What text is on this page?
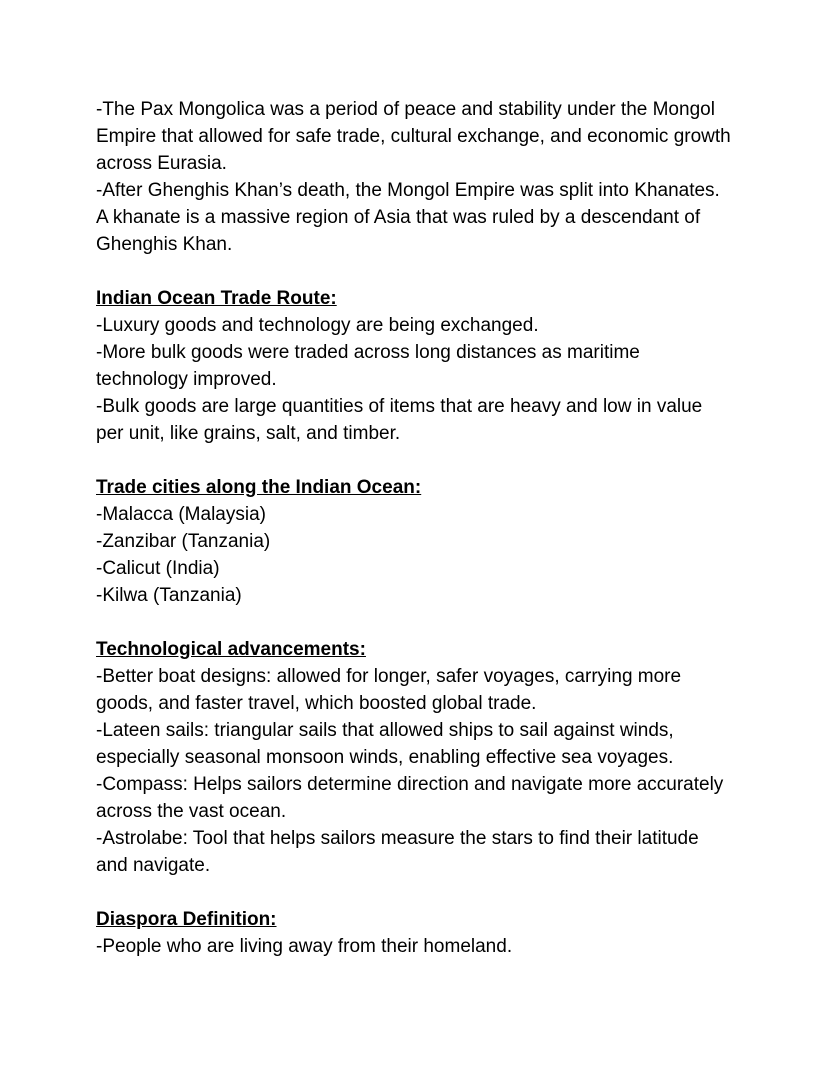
-The Pax Mongolica was a period of peace and stability under the Mongol Empire that allowed for safe trade, cultural exchange, and economic growth across Eurasia.

-After Ghenghis Khan’s death, the Mongol Empire was split into Khanates. A khanate is a massive region of Asia that was ruled by a descendant of Ghenghis Khan.

Indian Ocean Trade Route:

-Luxury goods and technology are being exchanged.

-More bulk goods were traded across long distances as maritime technology improved.

-Bulk goods are large quantities of items that are heavy and low in value per unit, like grains, salt, and timber.

Trade cities along the Indian Ocean:

-Malacca (Malaysia)

-Zanzibar (Tanzania)

-Calicut (India)

-Kilwa (Tanzania)

Technological advancements:

-Better boat designs: allowed for longer, safer voyages, carrying more goods, and faster travel, which boosted global trade.

-Lateen sails: triangular sails that allowed ships to sail against winds, especially seasonal monsoon winds, enabling effective sea voyages.

-Compass: Helps sailors determine direction and navigate more accurately across the vast ocean.

-Astrolabe: Tool that helps sailors measure the stars to find their latitude and navigate.

Diaspora Definition:

-People who are living away from their homeland.
